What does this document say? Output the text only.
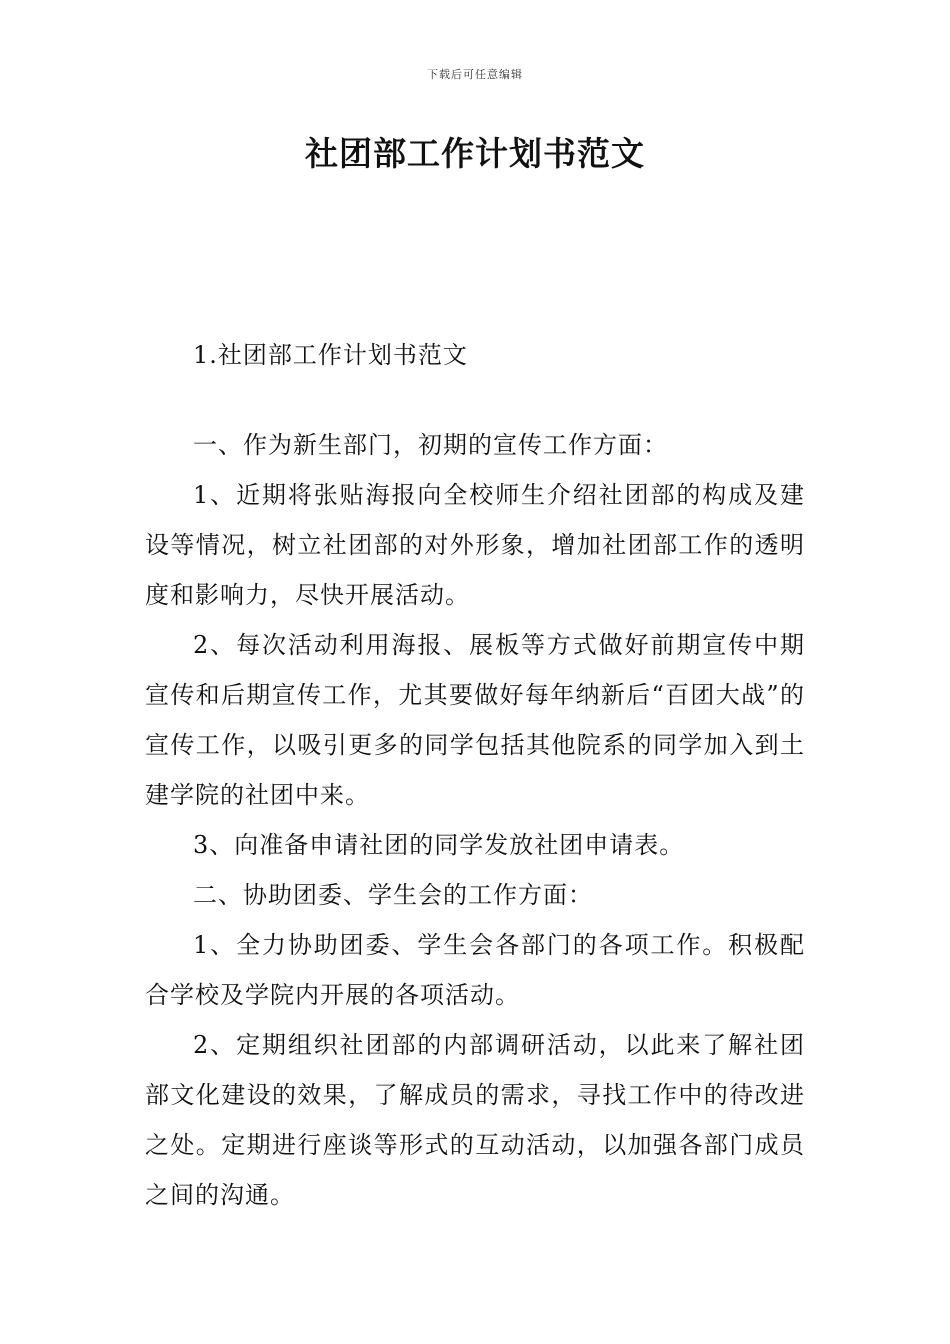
下载后可任意编辑
社团部工作计划书范文

1.社团部工作计划书范文

一、作为新生部门，初期的宣传工作方面：

1、近期将张贴海报向全校师生介绍社团部的构成及建设等情况，树立社团部的对外形象，增加社团部工作的透明度和影响力，尽快开展活动。

2、每次活动利用海报、展板等方式做好前期宣传中期宣传和后期宣传工作，尤其要做好每年纳新后“百团大战”的宣传工作，以吸引更多的同学包括其他院系的同学加入到土建学院的社团中来。

3、向准备申请社团的同学发放社团申请表。

二、协助团委、学生会的工作方面：

1、全力协助团委、学生会各部门的各项工作。积极配合学校及学院内开展的各项活动。

2、定期组织社团部的内部调研活动，以此来了解社团部文化建设的效果，了解成员的需求，寻找工作中的待改进之处。定期进行座谈等形式的互动活动，以加强各部门成员之间的沟通。
